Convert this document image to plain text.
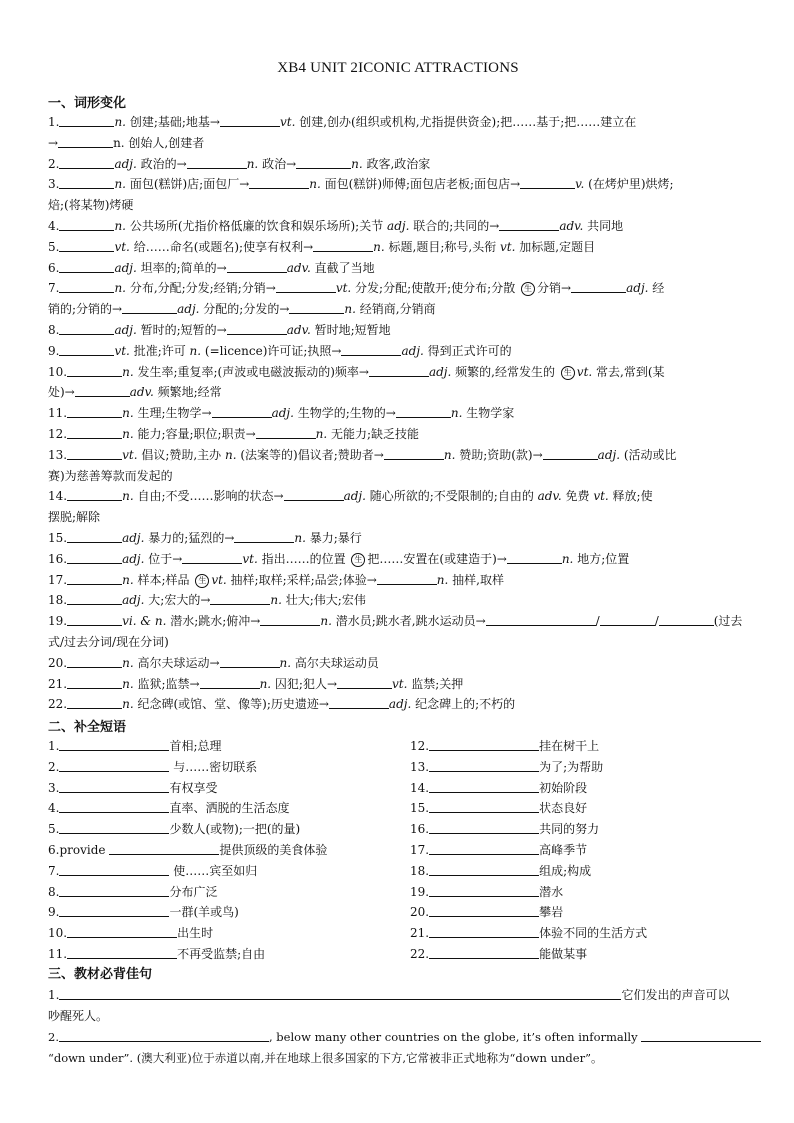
XB4 UNIT 2ICONIC ATTRACTIONS
一、词形变化
1.	n. 创建;基础;地基→	vt. 创建,创办(组织或机构,尤指提供资金);把……基于;把……建立在
→	n. 创始人,创建者
2.	adj. 政治的→	n. 政治→	n. 政客,政治家
3.	n. 面包(糕饼)店;面包厂→	n. 面包(糕饼)师傅;面包店老板;面包店→	v. (在烤炉里)烘烤;
焙;(将某物)烤硬
4.	n. 公共场所(尤指价格低廉的饮食和娱乐场所);关节 adj. 联合的;共同的→	adv. 共同地
5.	vt. 给……命名(或题名);使享有权利→	n. 标题,题目;称号,头衔 vt. 加标题,定题目
6.	adj. 坦率的;简单的→	adv. 直截了当地
7.	n. 分布,分配;分发;经销;分销→	vt. 分发;分配;使散开;使分布;分散 生 分销→	adj. 经
销的;分销的→	adj. 分配的;分发的→	n. 经销商,分销商
8.	adj. 暂时的;短暂的→	adv. 暂时地;短暂地
9.	vt. 批准;许可 n. (=licence)许可证;执照→	adj. 得到正式许可的
10.	n. 发生率;重复率;(声波或电磁波振动的)频率→	adj. 频繁的,经常发生的 生 vt. 常去,常到(某
处)→	adv. 频繁地;经常
11.	n. 生理;生物学→	adj. 生物学的;生物的→	n. 生物学家
12.	n. 能力;容量;职位;职责→	n. 无能力;缺乏技能
13.	vt. 倡议;赞助,主办 n. (法案等的)倡议者;赞助者→	n. 赞助;资助(款)→	adj. (活动或比
赛)为慈善筹款而发起的
14.	n. 自由;不受……影响的状态→	adj. 随心所欲的;不受限制的;自由的 adv. 免费 vt. 释放;使
摆脱;解除
15.	adj. 暴力的;猛烈的→	n. 暴力;暴行
16.	adj. 位于→	vt. 指出……的位置 生 把……安置在(或建造于)→	n. 地方;位置
17.	n. 样本;样品 生 vt. 抽样;取样;采样;品尝;体验→	n. 抽样,取样
18.	adj. 大;宏大的→	n. 壮大;伟大;宏伟
19.	vi. & n. 潜水;跳水;俯冲→	n. 潜水员;跳水者,跳水运动员→	/	/	(过去
式/过去分词/现在分词)
20.	n. 高尔夫球运动→	n. 高尔夫球运动员
21.	n. 监狱;监禁→	n. 囚犯;犯人→	vt. 监禁;关押
22.	n. 纪念碑(或馆、堂、像等);历史遗迹→	adj. 纪念碑上的;不朽的
二、补全短语
1.	首相;总理
2.	与……密切联系
3.	有权享受
4.	直率、洒脱的生活态度
5.	少数人(或物);一把(的量)
6.provide	提供顶级的美食体验
7.	使……宾至如归
8.	分布广泛
9.	一群(羊或鸟)
10.	出生时
11.	不再受监禁;自由
12.	挂在树干上
13.	为了;为帮助
14.	初始阶段
15.	状态良好
16.	共同的努力
17.	高峰季节
18.	组成;构成
19.	潜水
20.	攀岩
21.	体验不同的生活方式
22.	能做某事
三、教材必背佳句
1.	它们发出的声音可以
吵醒死人。
2.	, below many other countries on the globe, it’s often informally
“down under”. (澳大利亚)位于赤道以南,并在地球上很多国家的下方,它常被非正式地称为“down under”。
